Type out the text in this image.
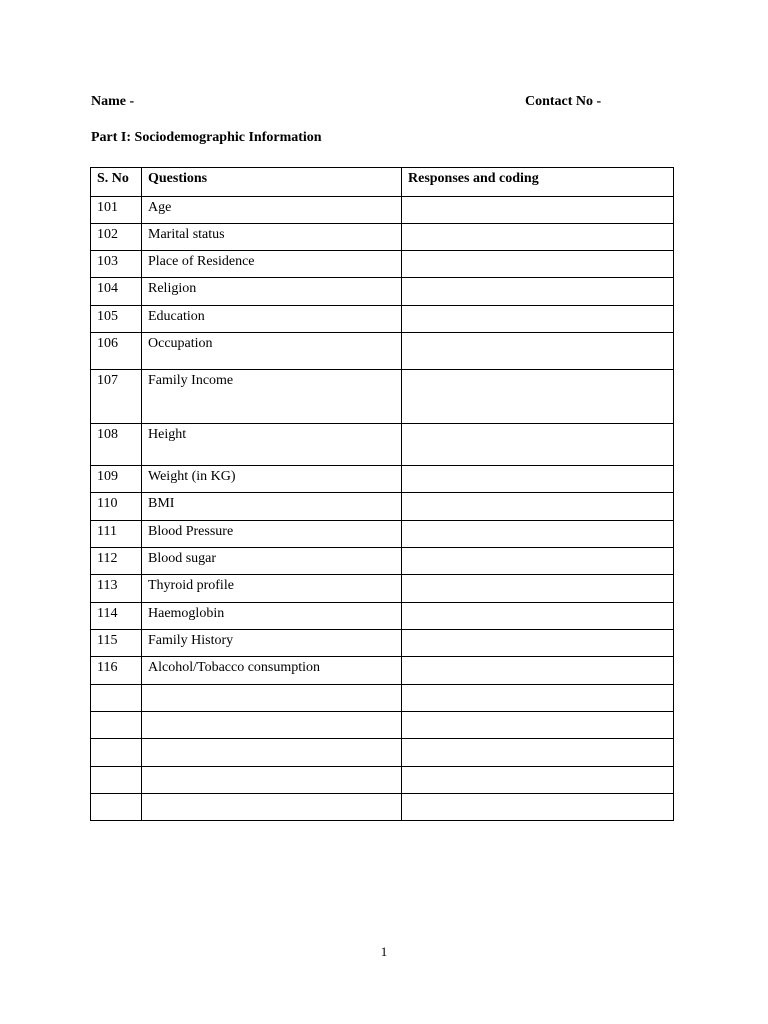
Name -	Contact No -
Part I: Sociodemographic Information
S. No	Questions	Responses and coding
101	Age	
102	Marital status	
103	Place of Residence	
104	Religion	
105	Education	
106	Occupation	
107	Family Income	
108	Height	
109	Weight (in KG)	
110	BMI	
111	Blood Pressure	
112	Blood sugar	
113	Thyroid profile	
114	Haemoglobin	
115	Family History	
116	Alcohol/Tobacco consumption	

1
